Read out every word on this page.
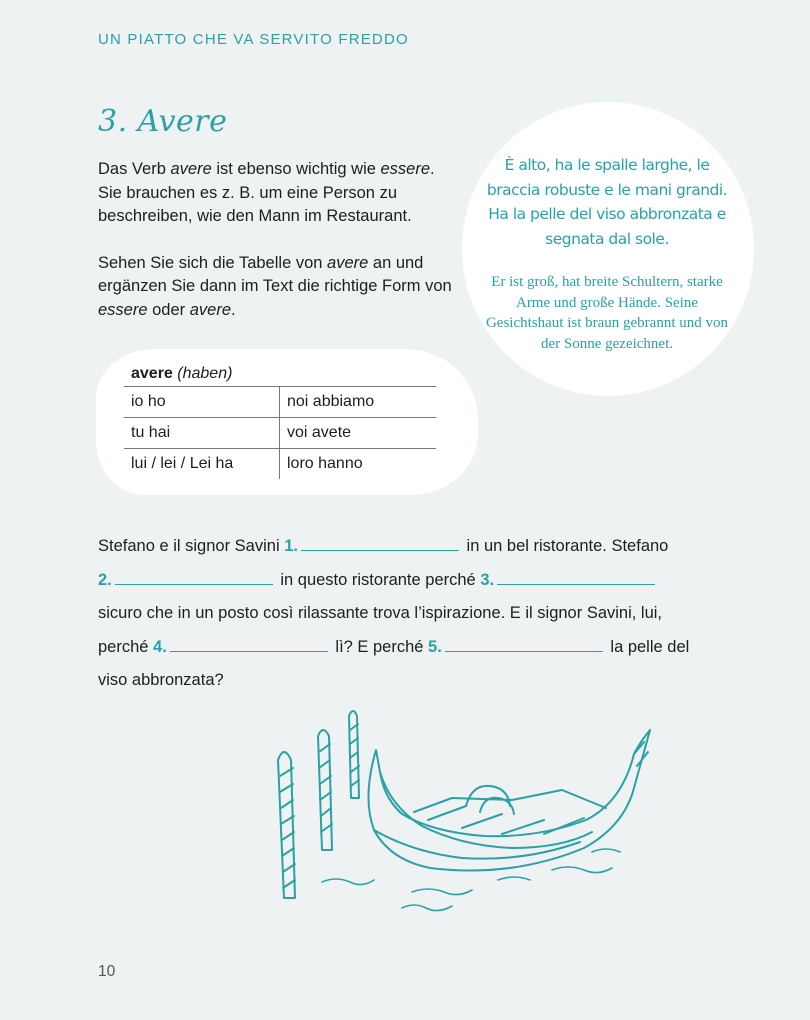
UN PIATTO CHE VA SERVITO FREDDO
3. Avere

Das Verb avere ist ebenso wichtig wie essere. Sie brauchen es z. B. um eine Person zu beschreiben, wie den Mann im Restaurant.

Sehen Sie sich die Tabelle von avere an und ergänzen Sie dann im Text die richtige Form von essere oder avere.

È alto, ha le spalle larghe, le braccia robuste e le mani grandi. Ha la pelle del viso abbronzata e segnata dal sole.
Er ist groß, hat breite Schultern, starke Arme und große Hände. Seine Gesichtshaut ist braun gebrannt und von der Sonne gezeichnet.
avere (haben)	
io ho	noi abbiamo
tu hai	voi avete
lui / lei / Lei ha	loro hanno
Stefano e il signor Savini 1.	in un bel ristorante. Stefano
2.	in questo ristorante perché 3. sicuro che in un posto così rilassante trova l’ispirazione. E il signor Savini, lui, perché 4.	lì? E perché 5.	la pelle del viso abbronzata?
10
